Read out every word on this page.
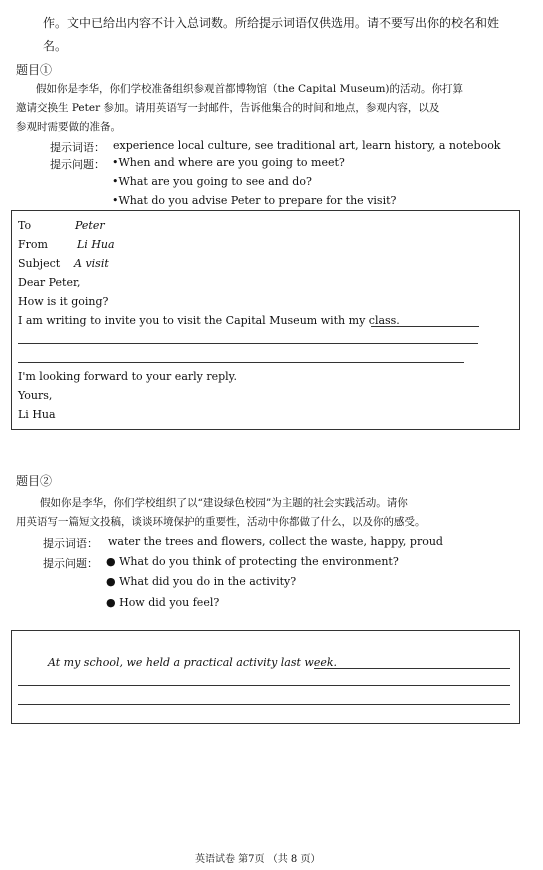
作。文中已给出内容不计入总词数。所给提示词语仅供选用。请不要写出你的校名和姓
名。
题目①
假如你是李华，你们学校准备组织参观首都博物馆（the Capital Museum)的活动。你打算
邀请交换生 Peter 参加。请用英语写一封邮件，告诉他集合的时间和地点，参观内容，以及
参观时需要做的准备。
提示词语： experience local culture, see traditional art, learn history, a notebook
提示问题： •When and where are you going to meet?
•What are you going to see and do?
•What do you advise Peter to prepare for the visit?
To	Peter
From	Li Hua
Subject A visit
Dear Peter,
How is it going?
I am writing to invite you to visit the Capital Museum with my class.
I'm looking forward to your early reply.
Yours,
Li Hua
题目②
假如你是李华，你们学校组织了以“建设绿色校园”为主题的社会实践活动。请你
用英语写一篇短文投稿，谈谈环境保护的重要性，活动中你都做了什么，以及你的感受。
提示词语： water the trees and flowers, collect the waste, happy, proud
提示问题： ● What do you think of protecting the environment?
● What did you do in the activity?
● How did you feel?
At my school, we held a practical activity last week.
英语试卷 第7页 （共 8 页）
